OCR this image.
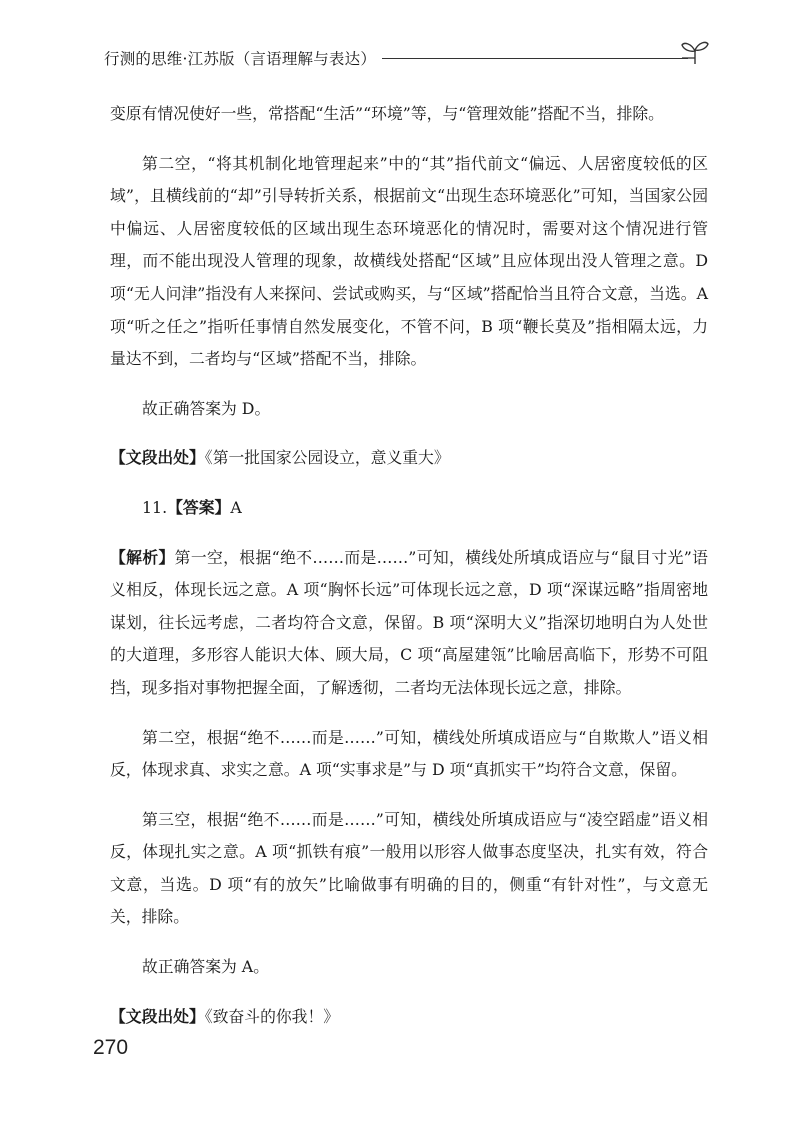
行测的思维·江苏版（言语理解与表达）

变原有情况使好一些，常搭配“生活”“环境”等，与“管理效能”搭配不当，排除。

第二空，“将其机制化地管理起来”中的“其”指代前文“偏远、人居密度较低的区域”，且横线前的“却”引导转折关系，根据前文“出现生态环境恶化”可知，当国家公园中偏远、人居密度较低的区域出现生态环境恶化的情况时，需要对这个情况进行管理，而不能出现没人管理的现象，故横线处搭配“区域”且应体现出没人管理之意。D 项“无人问津”指没有人来探问、尝试或购买，与“区域”搭配恰当且符合文意，当选。A 项“听之任之”指听任事情自然发展变化，不管不问，B 项“鞭长莫及”指相隔太远，力量达不到，二者均与“区域”搭配不当，排除。

故正确答案为 D。

【文段出处】《第一批国家公园设立，意义重大》

11.【答案】A

【解析】第一空，根据“绝不……而是……”可知，横线处所填成语应与“鼠目寸光”语义相反，体现长远之意。A 项“胸怀长远”可体现长远之意，D 项“深谋远略”指周密地谋划，往长远考虑，二者均符合文意，保留。B 项“深明大义”指深切地明白为人处世的大道理，多形容人能识大体、顾大局，C 项“高屋建瓴”比喻居高临下，形势不可阻挡，现多指对事物把握全面，了解透彻，二者均无法体现长远之意，排除。

第二空，根据“绝不……而是……”可知，横线处所填成语应与“自欺欺人”语义相反，体现求真、求实之意。A 项“实事求是”与 D 项“真抓实干”均符合文意，保留。

第三空，根据“绝不……而是……”可知，横线处所填成语应与“凌空蹈虚”语义相反，体现扎实之意。A 项“抓铁有痕”一般用以形容人做事态度坚决，扎实有效，符合文意，当选。D 项“有的放矢”比喻做事有明确的目的，侧重“有针对性”，与文意无关，排除。

故正确答案为 A。

【文段出处】《致奋斗的你我！》

270
